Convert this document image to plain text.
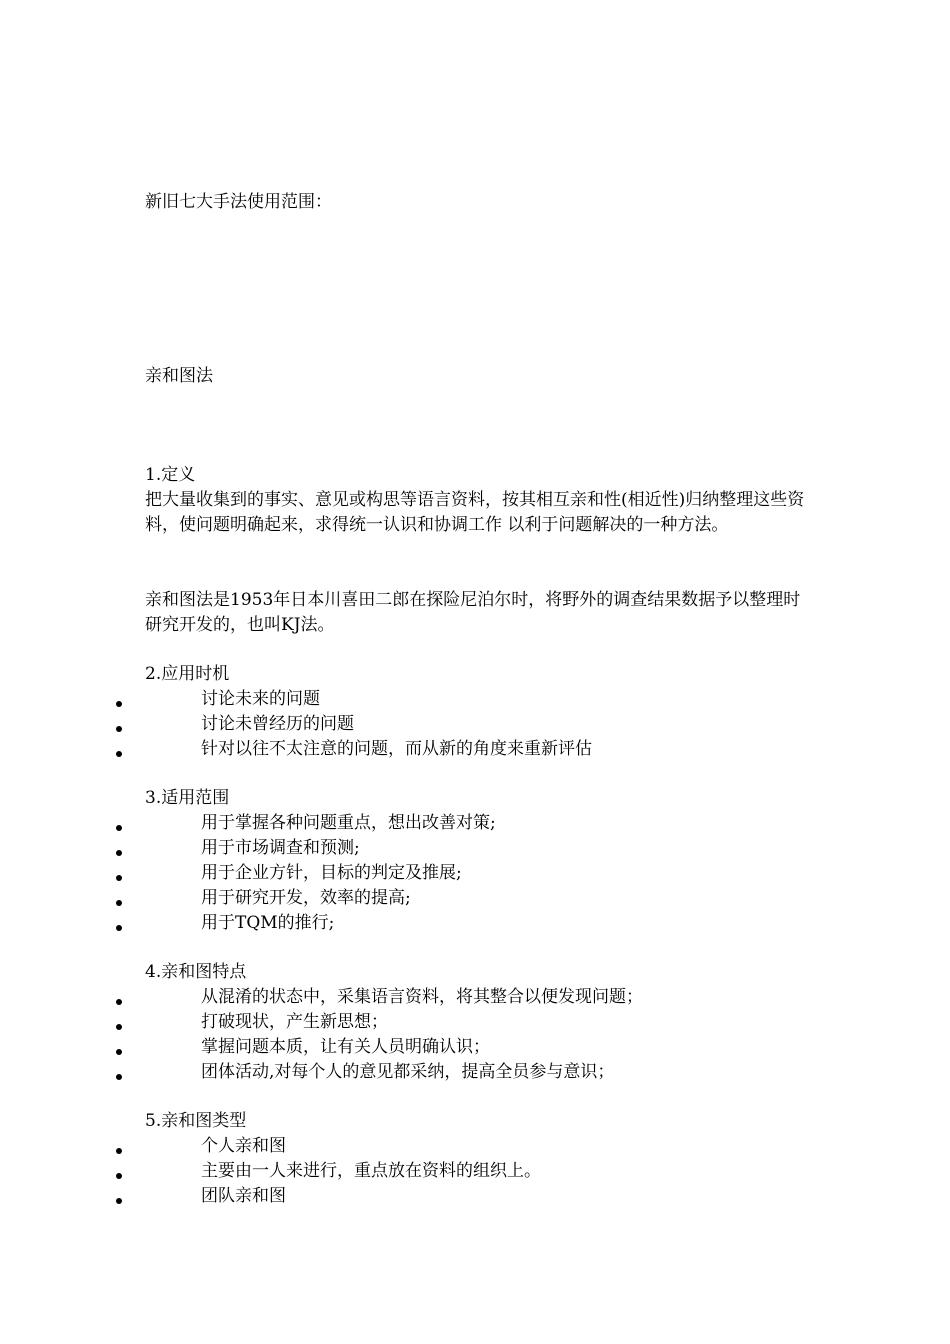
新旧七大手法使用范围：
亲和图法
1.定义

把大量收集到的事实、意见或构思等语言资料，按其相互亲和性(相近性)归纳整理这些资料，使问题明确起来，求得统一认识和协调工作 以利于问题解决的一种方法。

亲和图法是1953年日本川喜田二郎在探险尼泊尔时，将野外的调查结果数据予以整理时研究开发的，也叫KJ法。

2.应用时机
讨论未来的问题
讨论未曾经历的问题
针对以往不太注意的问题，而从新的角度来重新评估
3.适用范围
用于掌握各种问题重点，想出改善对策;
用于市场调查和预测;
用于企业方针，目标的判定及推展;
用于研究开发，效率的提高;
用于TQM的推行;
4.亲和图特点
从混淆的状态中，采集语言资料，将其整合以便发现问题；
打破现状，产生新思想；
掌握问题本质，让有关人员明确认识；
团体活动,对每个人的意见都采纳，提高全员参与意识；
5.亲和图类型
个人亲和图
主要由一人来进行，重点放在资料的组织上。
团队亲和图
